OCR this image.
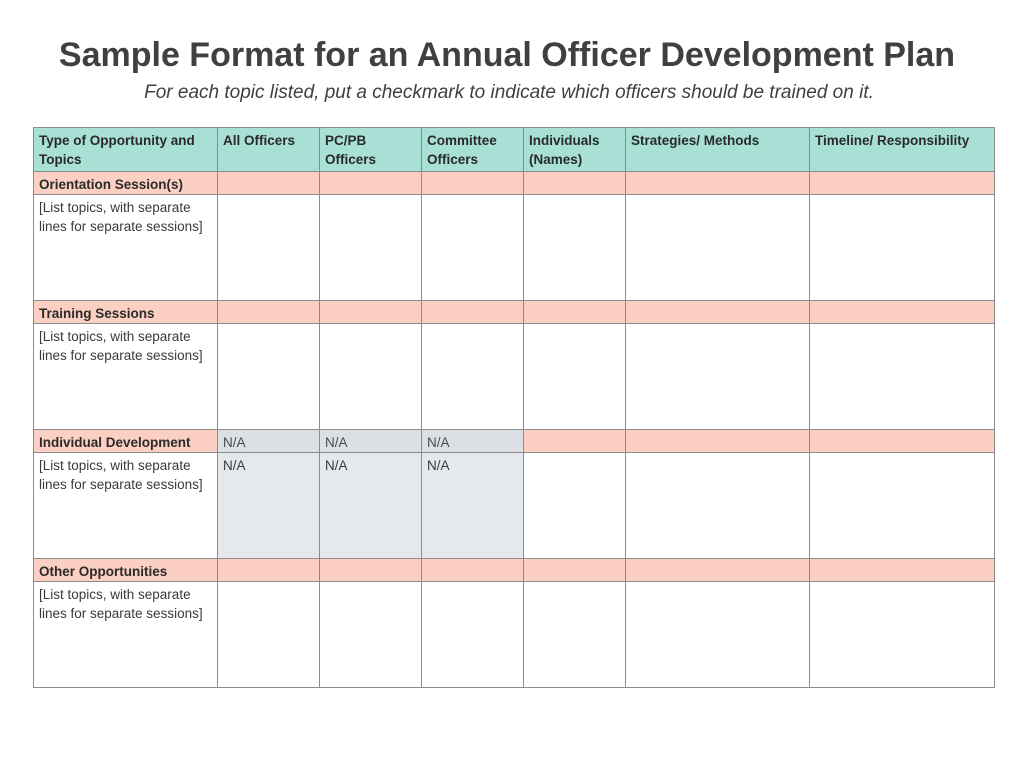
Sample Format for an Annual Officer Development Plan
For each topic listed, put a checkmark to indicate which officers should be trained on it.
Type of Opportunity and Topics	All Officers	PC/PB Officers	Committee Officers	Individuals (Names)	Strategies/ Methods	Timeline/ Responsibility
Orientation Session(s)						
[List topics, with separate lines for separate sessions]						
Training Sessions						
[List topics, with separate lines for separate sessions]						
Individual Development	N/A	N/A	N/A			
[List topics, with separate lines for separate sessions]	N/A	N/A	N/A			
Other Opportunities						
[List topics, with separate lines for separate sessions]						
